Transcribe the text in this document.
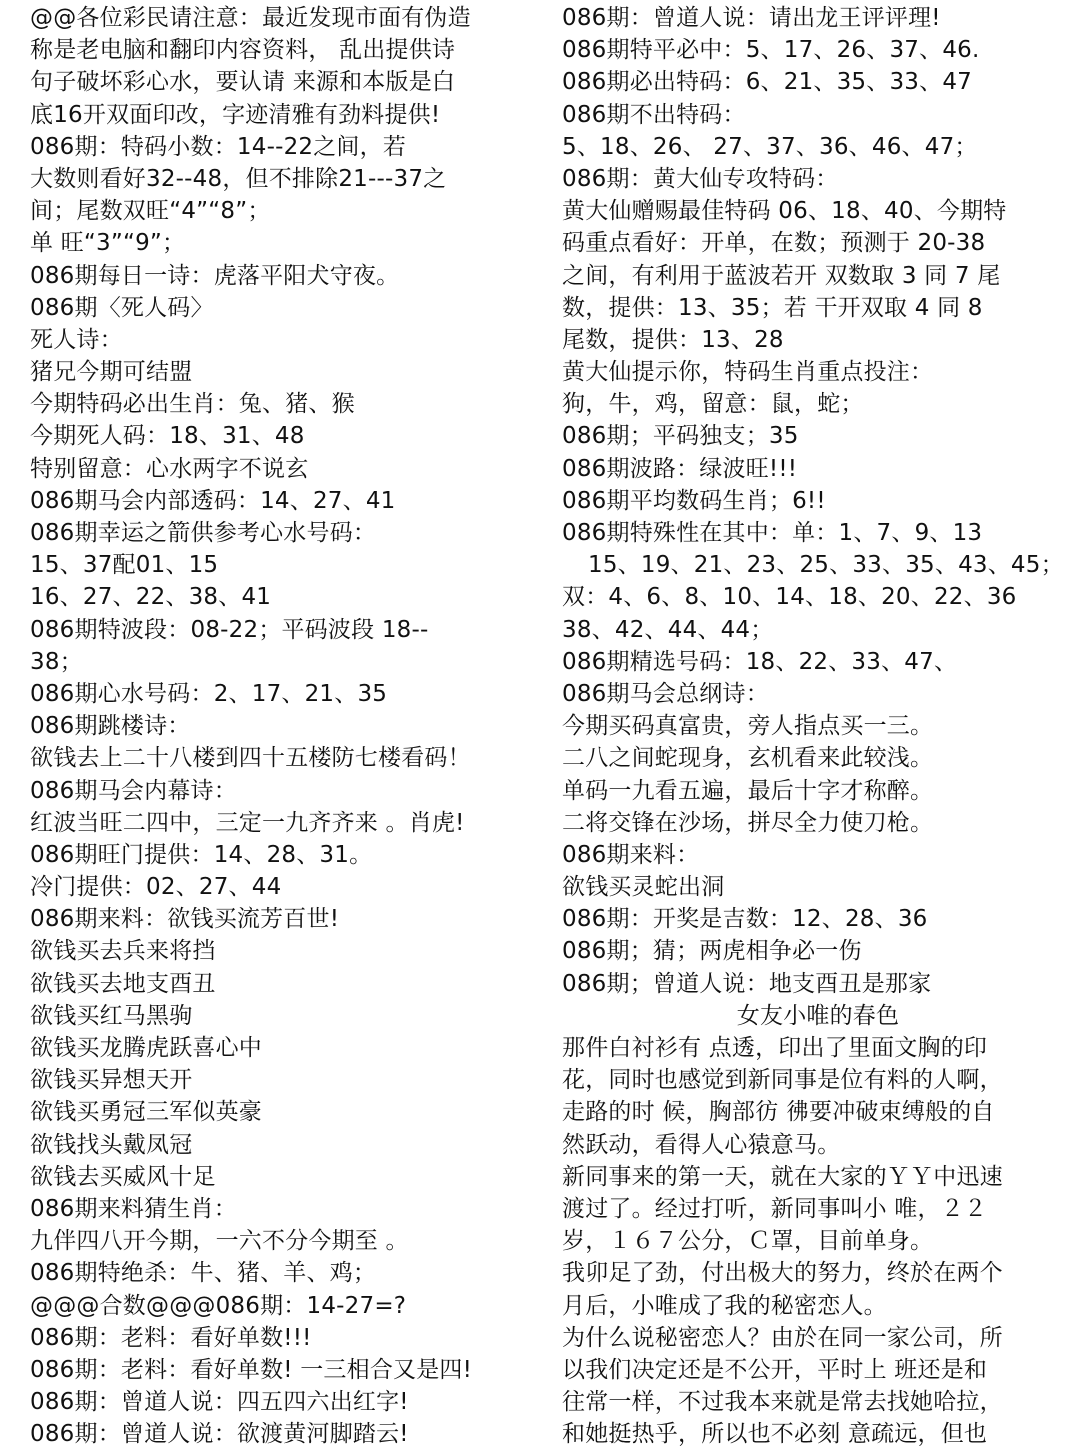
@@各位彩民请注意：最近发现市面有伪造
称是老电脑和翻印内容资料， 乱出提供诗
句子破坏彩心水，要认请 来源和本版是白
底16开双面印改，字迹清雅有劲料提供!
086期：特码小数：14--22之间，若
大数则看好32--48，但不排除21---37之
间；尾数双旺“4”“8”；
单 旺“3”“9”；
086期每日一诗：虎落平阳犬守夜。
086期〈死人码〉
死人诗：
猪兄今期可结盟
今期特码必出生肖：兔、猪、猴
今期死人码：18、31、48
特别留意：心水两字不说玄
086期马会内部透码：14、27、41
086期幸运之箭供参考心水号码：
15、37配01、15
16、27、22、38、41
086期特波段：08-22；平码波段 18--
38；
086期心水号码：2、17、21、35
086期跳楼诗：
欲钱去上二十八楼到四十五楼防七楼看码！
086期马会内幕诗：
红波当旺二四中，三定一九齐齐来 。肖虎!
086期旺门提供：14、28、31。
冷门提供：02、27、44
086期来料：欲钱买流芳百世!
欲钱买去兵来将挡
欲钱买去地支酉丑
欲钱买红马黑驹
欲钱买龙腾虎跃喜心中
欲钱买异想天开
欲钱买勇冠三军似英豪
欲钱找头戴凤冠
欲钱去买威风十足
086期来料猜生肖：
九伴四八开今期，一六不分今期至 。
086期特绝杀：牛、猪、羊、鸡；
@@@合数@@@086期：14-27=?
086期：老料：看好单数!!!
086期：老料：看好单数! 一三相合又是四!
086期：曾道人说：四五四六出红字!
086期：曾道人说：欲渡黄河脚踏云!
086期：曾道人说：请出龙王评评理!
086期特平必中：5、17、26、37、46.
086期必出特码：6、21、35、33、47
086期不出特码：
5、18、26、 27、37、36、46、47；
086期：黄大仙专攻特码：
黄大仙赠赐最佳特码 06、18、40、今期特
码重点看好：开单，在数；预测于 20-38
之间，有利用于蓝波若开 双数取 3 同 7 尾
数，提供：13、35；若 干开双取 4 同 8
尾数，提供：13、28
黄大仙提示你，特码生肖重点投注：
狗，牛，鸡，留意：鼠，蛇；
086期；平码独支；35
086期波路：绿波旺!!!
086期平均数码生肖；6!!
086期特殊性在其中：单：1、7、9、13
15、19、21、23、25、33、35、43、45；
双：4、6、8、10、14、18、20、22、36
38、42、44、44；
086期精选号码：18、22、33、47、
086期马会总纲诗：
今期买码真富贵，旁人指点买一三。
二八之间蛇现身，玄机看来此较浅。
单码一九看五遍，最后十字才称醉。
二将交锋在沙场，拼尽全力使刀枪。
086期来料：
欲钱买灵蛇出洞
086期：开奖是吉数：12、28、36
086期；猜；两虎相争必一伤
086期；曾道人说：地支酉丑是那家
女友小唯的春色
那件白衬衫有 点透，印出了里面文胸的印
花，同时也感觉到新同事是位有料的人啊，
走路的时 候，胸部彷 彿要冲破束缚般的自
然跃动，看得人心猿意马。
新同事来的第一天，就在大家的ＹＹ中迅速
渡过了。经过打听，新同事叫小 唯，２２
岁，１６７公分，Ｃ罩，目前单身。
我卯足了劲，付出极大的努力，终於在两个
月后，小唯成了我的秘密恋人。
为什么说秘密恋人？由於在同一家公司，所
以我们决定还是不公开，平时上 班还是和
往常一样，不过我本来就是常去找她哈拉，
和她挺热乎，所以也不必刻 意疏远，但也
